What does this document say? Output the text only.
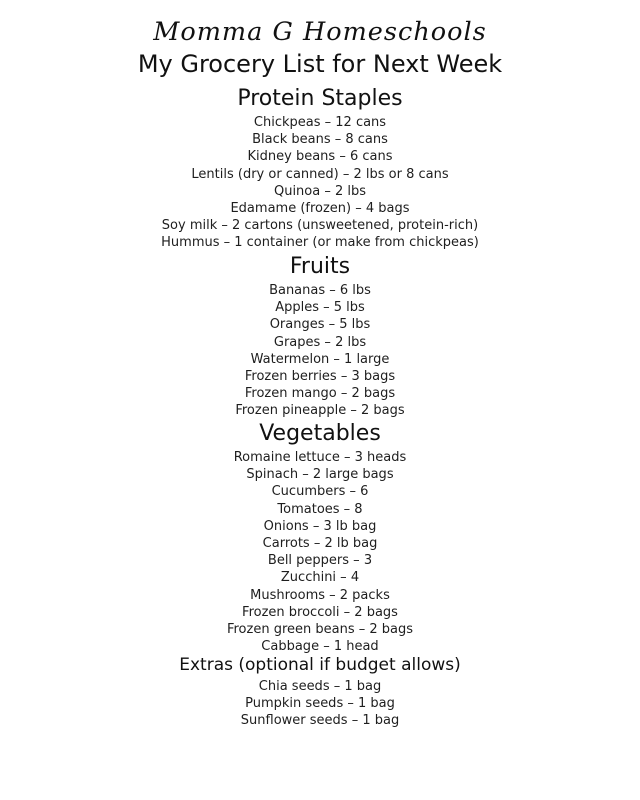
Momma G Homeschools
My Grocery List for Next Week
Protein Staples
Chickpeas – 12 cans
Black beans – 8 cans
Kidney beans – 6 cans
Lentils (dry or canned) – 2 lbs or 8 cans
Quinoa – 2 lbs
Edamame (frozen) – 4 bags
Soy milk – 2 cartons (unsweetened, protein-rich)
Hummus – 1 container (or make from chickpeas)
Fruits
Bananas – 6 lbs
Apples – 5 lbs
Oranges – 5 lbs
Grapes – 2 lbs
Watermelon – 1 large
Frozen berries – 3 bags
Frozen mango – 2 bags
Frozen pineapple – 2 bags
Vegetables
Romaine lettuce – 3 heads
Spinach – 2 large bags
Cucumbers – 6
Tomatoes – 8
Onions – 3 lb bag
Carrots – 2 lb bag
Bell peppers – 3
Zucchini – 4
Mushrooms – 2 packs
Frozen broccoli – 2 bags
Frozen green beans – 2 bags
Cabbage – 1 head
Extras (optional if budget allows)
Chia seeds – 1 bag
Pumpkin seeds – 1 bag
Sunflower seeds – 1 bag
